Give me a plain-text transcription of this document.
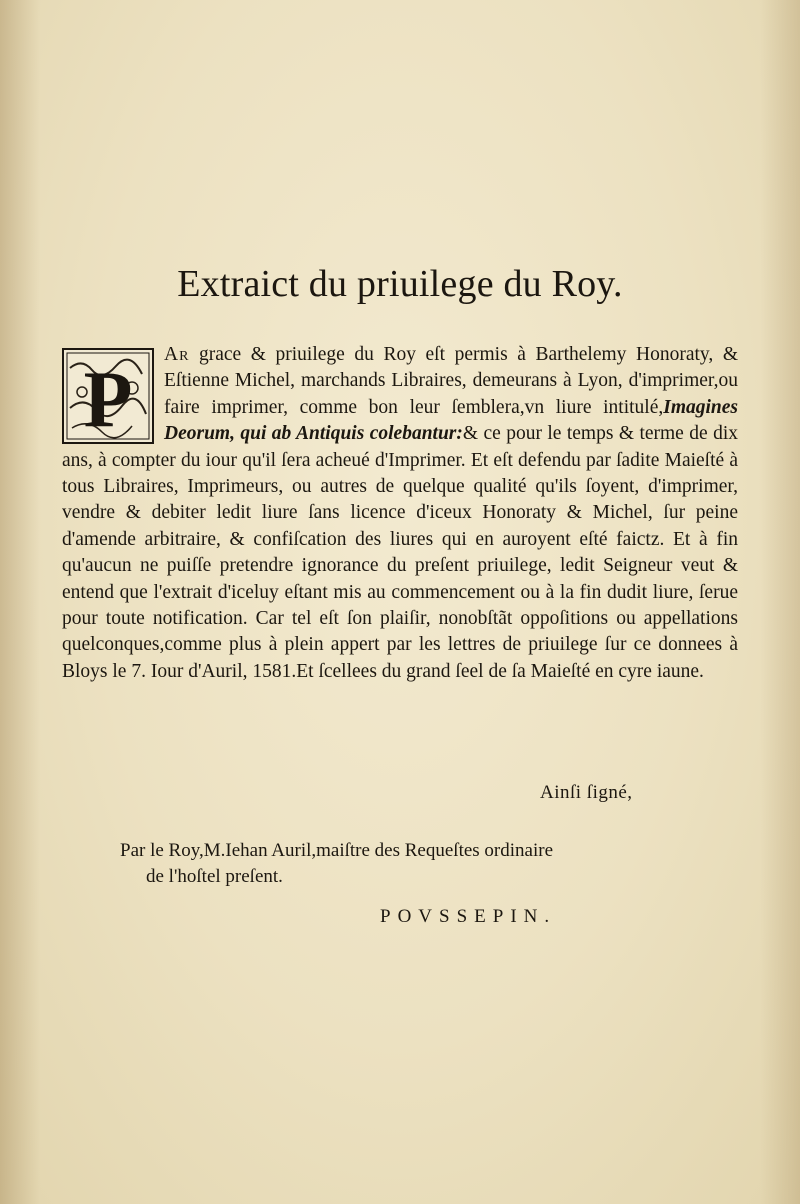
Extraict du priuilege du Roy.

P
Ar grace & priuilege du Roy eſt permis à Barthelemy Honoraty, & Eſtienne Michel, marchands Libraires, demeurans à Lyon, d'imprimer,ou faire imprimer, comme bon leur ſemblera,vn liure intitulé,Imagines Deorum, qui ab Antiquis colebantur:& ce pour le temps & terme de dix ans, à compter du iour qu'il ſera acheué d'Imprimer. Et eſt defendu par ſadite Maieſté à tous Libraires, Imprimeurs, ou autres de quelque qualité qu'ils ſoyent, d'imprimer, vendre & debiter ledit liure ſans licence d'iceux Honoraty & Michel, ſur peine d'amende arbitraire, & confiſcation des liures qui en auroyent eſté faictz. Et à fin qu'aucun ne puiſſe pretendre ignorance du preſent priuilege, ledit Seigneur veut & entend que l'extrait d'iceluy eſtant mis au commencement ou à la fin dudit liure, ſerue pour toute notification. Car tel eſt ſon plaiſir, nonobſtãt oppoſitions ou appellations quelconques,comme plus à plein appert par les lettres de priuilege ſur ce donnees à Bloys le 7. Iour d'Auril, 1581.Et ſcellees du grand ſeel de ſa Maieſté en cyre iaune.

Ainſi ſigné,

Par le Roy,M.Iehan Auril,maiſtre des Requeſtes ordinaire
de l'hoſtel preſent.

POVSSEPIN.
